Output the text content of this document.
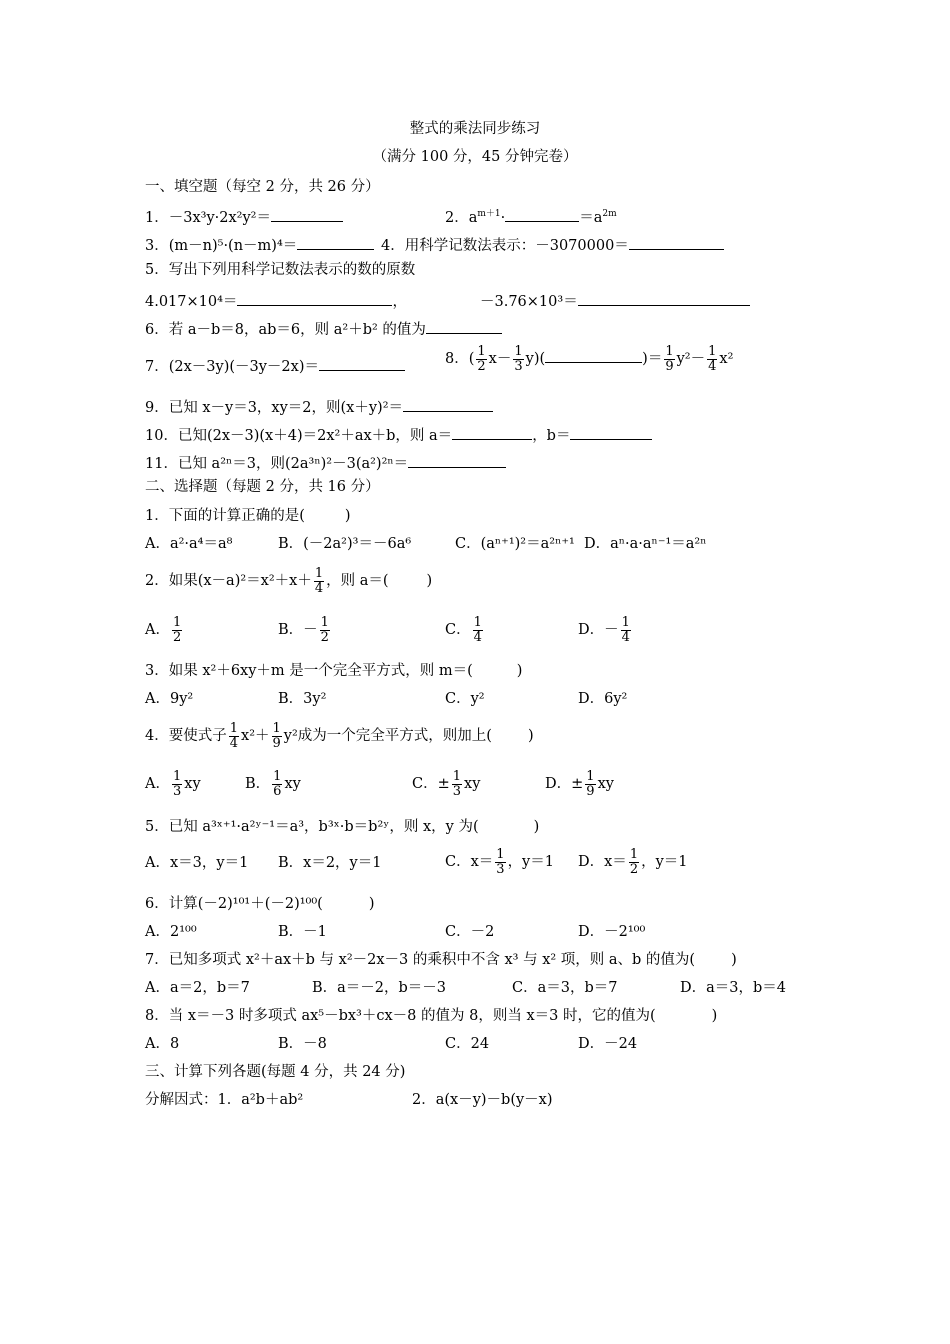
整式的乘法同步练习
（满分 100 分，45 分钟完卷）
一、填空题（每空 2 分，共 26 分）
1．－3x³y·2x²y²＝	2．$a^{m+1}\cdot$	$=a^{2m}$
3．(m－n)⁵·(n－m)⁴＝	4．用科学记数法表示：－3070000＝
5．写出下列用科学记数法表示的数的原数
4.017×10⁴＝	，	－3.76×10³＝
6．若 a－b＝8，ab＝6，则 a²＋b² 的值为
7．(2x－3y)(－3y－2x)＝	8．( $\frac{1}{2} x- \frac{1}{3} y$)(	)＝ $\frac{1}{9} y^2- \frac{1}{4} x^2$
9．已知 x－y＝3，xy＝2，则(x＋y)²＝
10．已知(2x－3)(x＋4)＝2x²＋ax＋b，则 a＝	，b＝
11．已知 a²ⁿ＝3，则(2a³ⁿ)²－3(a²)²ⁿ＝
二、选择题（每题 2 分，共 16 分）
1．下面的计算正确的是(	)
A．a²·a⁴＝a⁸	B．(－2a²)³＝－6a⁶	C．(aⁿ⁺¹)²＝a²ⁿ⁺¹ D．aⁿ·a·aⁿ⁻¹＝a²ⁿ
2．如果$(x-a)^2=x^2+x+ \frac{1}{4}$ ，则 a＝(	)
A． $\frac{1}{2}$	B．－ $\frac{1}{2}$	C． $\frac{1}{4}$	D．－ $\frac{1}{4}$
3．如果 x²＋6xy＋m 是一个完全平方式，则 m＝(	)
A．9y²	B．3y²	C．y²	D．6y²
4．要使式子 $\frac{1}{4} x^2+ \frac{1}{9} y^2$成为一个完全平方式，则加上( )
A． $\frac{1}{3}$ xy	B． $\frac{1}{6}$ xy	C．± $\frac{1}{3}$ xy	D．± $\frac{1}{9}$ xy
5．已知 a³ˣ⁺¹·a²ʸ⁻¹＝a³，b³ˣ·b＝b²ʸ，则 x，y 为(	)
A．x＝3，y＝1 B．x＝2，y＝1	C．$x= \frac{1}{3}$ ，y＝1 D．$x= \frac{1}{2}$ ，y＝1
6．计算(－2)¹⁰¹＋(－2)¹⁰⁰(	)
A．2¹⁰⁰	B．－1	C．－2	D．－2¹⁰⁰
7．已知多项式 x²＋ax＋b 与 x²－2x－3 的乘积中不含 x³ 与 x² 项，则 a、b 的值为( )
A．a＝2，b＝7	B．a＝－2，b＝－3	C．a＝3，b＝7	D．a＝3，b＝4
8．当 x＝－3 时多项式 ax⁵－bx³＋cx－8 的值为 8，则当 x＝3 时，它的值为(	)
A．8	B．－8	C．24	D．－24
三、计算下列各题(每题 4 分，共 24 分)
分解因式：1．a²b＋ab²	2．a(x－y)－b(y－x)
